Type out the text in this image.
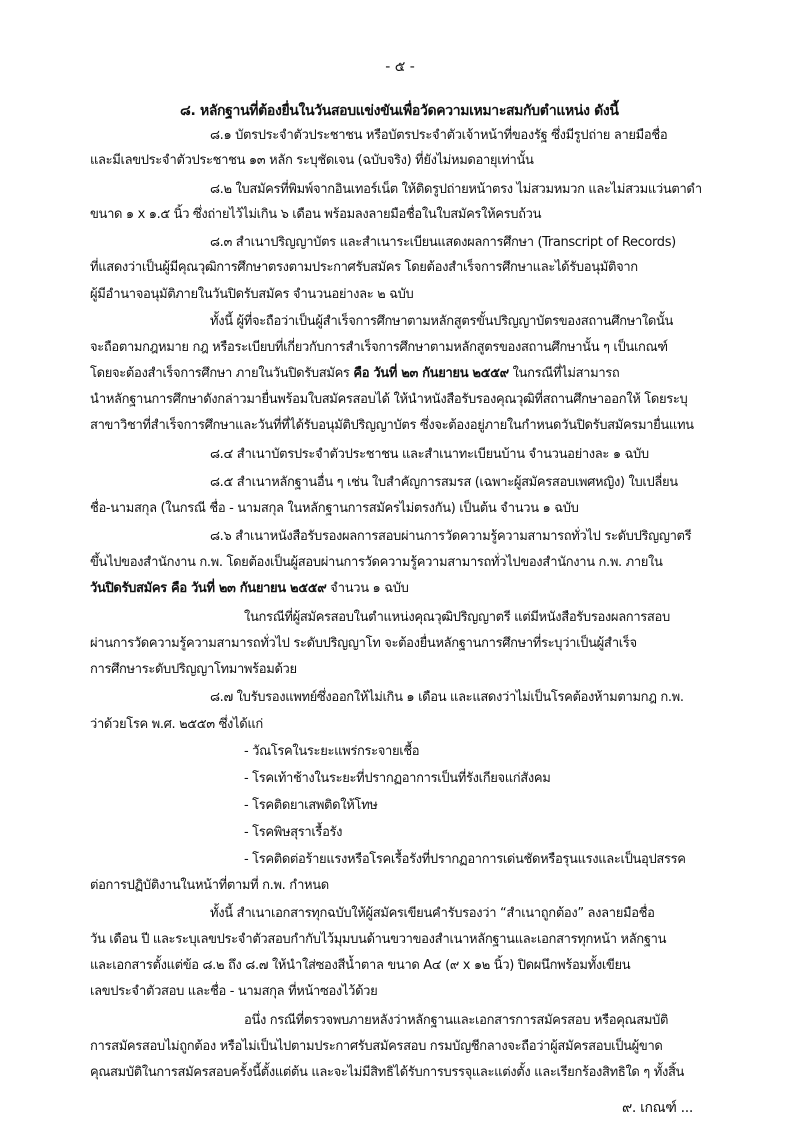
- ๕ -
๘. หลักฐานที่ต้องยื่นในวันสอบแข่งขันเพื่อวัดความเหมาะสมกับตำแหน่ง ดังนี้
๘.๑ บัตรประจำตัวประชาชน หรือบัตรประจำตัวเจ้าหน้าที่ของรัฐ ซึ่งมีรูปถ่าย ลายมือชื่อ
และมีเลขประจำตัวประชาชน ๑๓ หลัก ระบุชัดเจน (ฉบับจริง) ที่ยังไม่หมดอายุเท่านั้น
๘.๒ ใบสมัครที่พิมพ์จากอินเทอร์เน็ต ให้ติดรูปถ่ายหน้าตรง ไม่สวมหมวก และไม่สวมแว่นตาดำ
ขนาด ๑ x ๑.๕ นิ้ว ซึ่งถ่ายไว้ไม่เกิน ๖ เดือน พร้อมลงลายมือชื่อในใบสมัครให้ครบถ้วน
๘.๓ สำเนาปริญญาบัตร และสำเนาระเบียนแสดงผลการศึกษา (Transcript of Records)
ที่แสดงว่าเป็นผู้มีคุณวุฒิการศึกษาตรงตามประกาศรับสมัคร โดยต้องสำเร็จการศึกษาและได้รับอนุมัติจาก
ผู้มีอำนาจอนุมัติภายในวันปิดรับสมัคร จำนวนอย่างละ ๒ ฉบับ
ทั้งนี้ ผู้ที่จะถือว่าเป็นผู้สำเร็จการศึกษาตามหลักสูตรขั้นปริญญาบัตรของสถานศึกษาใดนั้น
จะถือตามกฎหมาย กฎ หรือระเบียบที่เกี่ยวกับการสำเร็จการศึกษาตามหลักสูตรของสถานศึกษานั้น ๆ เป็นเกณฑ์
โดยจะต้องสำเร็จการศึกษา ภายในวันปิดรับสมัคร คือ วันที่ ๒๓ กันยายน ๒๕๕๙ ในกรณีที่ไม่สามารถ
นำหลักฐานการศึกษาดังกล่าวมายื่นพร้อมใบสมัครสอบได้ ให้นำหนังสือรับรองคุณวุฒิที่สถานศึกษาออกให้ โดยระบุ
สาขาวิชาที่สำเร็จการศึกษาและวันที่ที่ได้รับอนุมัติปริญญาบัตร ซึ่งจะต้องอยู่ภายในกำหนดวันปิดรับสมัครมายื่นแทน
๘.๔ สำเนาบัตรประจำตัวประชาชน และสำเนาทะเบียนบ้าน จำนวนอย่างละ ๑ ฉบับ
๘.๕ สำเนาหลักฐานอื่น ๆ เช่น ใบสำคัญการสมรส (เฉพาะผู้สมัครสอบเพศหญิง) ใบเปลี่ยน
ชื่อ-นามสกุล (ในกรณี ชื่อ - นามสกุล ในหลักฐานการสมัครไม่ตรงกัน) เป็นต้น จำนวน ๑ ฉบับ
๘.๖ สำเนาหนังสือรับรองผลการสอบผ่านการวัดความรู้ความสามารถทั่วไป ระดับปริญญาตรี
ขึ้นไปของสำนักงาน ก.พ. โดยต้องเป็นผู้สอบผ่านการวัดความรู้ความสามารถทั่วไปของสำนักงาน ก.พ. ภายใน
วันปิดรับสมัคร คือ วันที่ ๒๓ กันยายน ๒๕๕๙ จำนวน ๑ ฉบับ
ในกรณีที่ผู้สมัครสอบในตำแหน่งคุณวุฒิปริญญาตรี แต่มีหนังสือรับรองผลการสอบ
ผ่านการวัดความรู้ความสามารถทั่วไป ระดับปริญญาโท จะต้องยื่นหลักฐานการศึกษาที่ระบุว่าเป็นผู้สำเร็จ
การศึกษาระดับปริญญาโทมาพร้อมด้วย
๘.๗ ใบรับรองแพทย์ซึ่งออกให้ไม่เกิน ๑ เดือน และแสดงว่าไม่เป็นโรคต้องห้ามตามกฎ ก.พ.
ว่าด้วยโรค พ.ศ. ๒๕๕๓ ซึ่งได้แก่
- วัณโรคในระยะแพร่กระจายเชื้อ
- โรคเท้าช้างในระยะที่ปรากฏอาการเป็นที่รังเกียจแก่สังคม
- โรคติดยาเสพติดให้โทษ
- โรคพิษสุราเรื้อรัง
- โรคติดต่อร้ายแรงหรือโรคเรื้อรังที่ปรากฏอาการเด่นชัดหรือรุนแรงและเป็นอุปสรรค
ต่อการปฏิบัติงานในหน้าที่ตามที่ ก.พ. กำหนด
ทั้งนี้ สำเนาเอกสารทุกฉบับให้ผู้สมัครเขียนคำรับรองว่า “สำเนาถูกต้อง” ลงลายมือชื่อ
วัน เดือน ปี และระบุเลขประจำตัวสอบกำกับไว้มุมบนด้านขวาของสำเนาหลักฐานและเอกสารทุกหน้า หลักฐาน
และเอกสารตั้งแต่ข้อ ๘.๒ ถึง ๘.๗ ให้นำใส่ซองสีน้ำตาล ขนาด A๔ (๙ x ๑๒ นิ้ว) ปิดผนึกพร้อมทั้งเขียน
เลขประจำตัวสอบ และชื่อ - นามสกุล ที่หน้าซองไว้ด้วย
อนึ่ง กรณีที่ตรวจพบภายหลังว่าหลักฐานและเอกสารการสมัครสอบ หรือคุณสมบัติ
การสมัครสอบไม่ถูกต้อง หรือไม่เป็นไปตามประกาศรับสมัครสอบ กรมบัญชีกลางจะถือว่าผู้สมัครสอบเป็นผู้ขาด
คุณสมบัติในการสมัครสอบครั้งนี้ตั้งแต่ต้น และจะไม่มีสิทธิได้รับการบรรจุและแต่งตั้ง และเรียกร้องสิทธิใด ๆ ทั้งสิ้น
๙. เกณฑ์ ...
